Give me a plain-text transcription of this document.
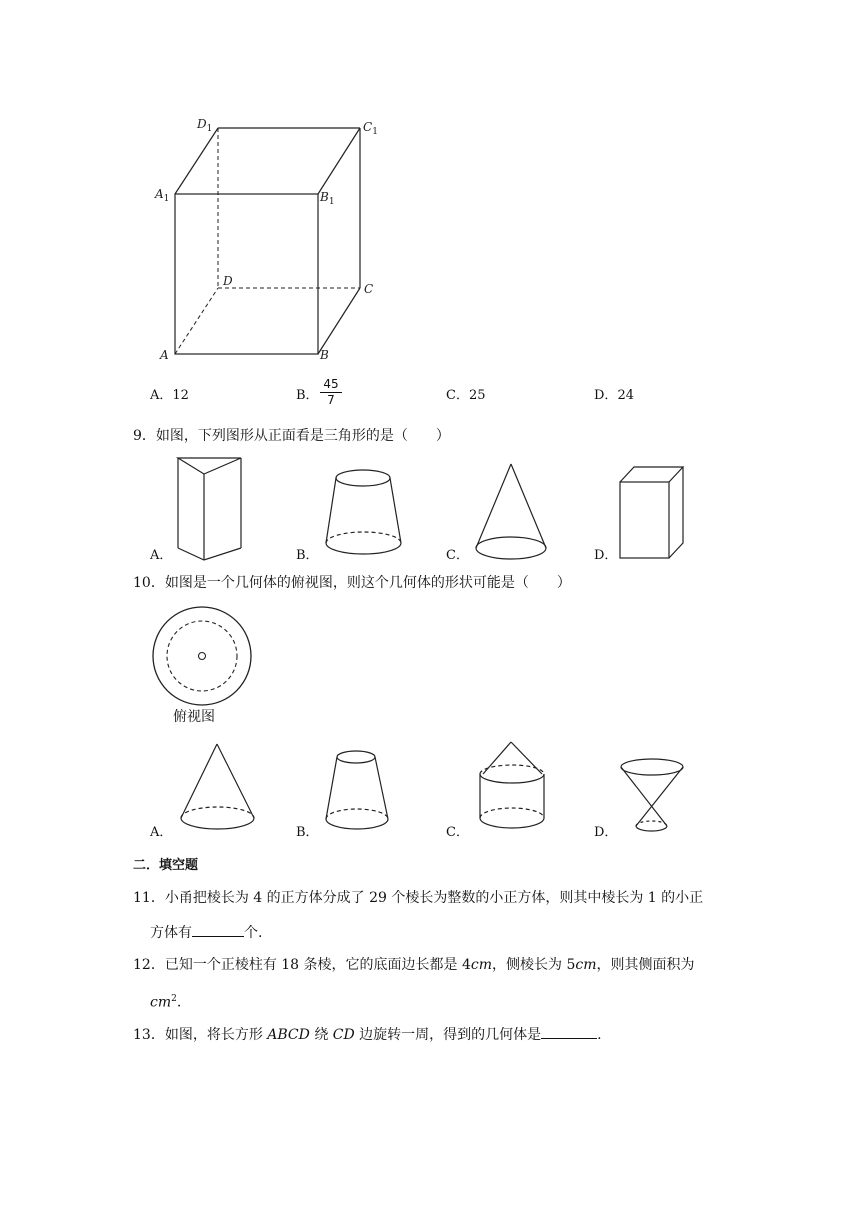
$D_1$	$C_1$
$A_1$	$B_1$
D
C
A	B
A．12	B． $\frac{45}{7}$	C．25	D．24
9．如图，下列图形从正面看是三角形的是（　　）
A．	B．	C．	D．
10．如图是一个几何体的俯视图，则这个几何体的形状可能是（　　）
俯视图
A．	B．	C．	D．
二．填空题
11．小甬把棱长为 4 的正方体分成了 29 个棱长为整数的小正方体，则其中棱长为 1 的小正
方体有	个.
12．已知一个正棱柱有 18 条棱，它的底面边长都是 4cm，侧棱长为 5cm，则其侧面积为
$cm^2$.
13．如图，将长方形 ABCD 绕 CD 边旋转一周，得到的几何体是	.
